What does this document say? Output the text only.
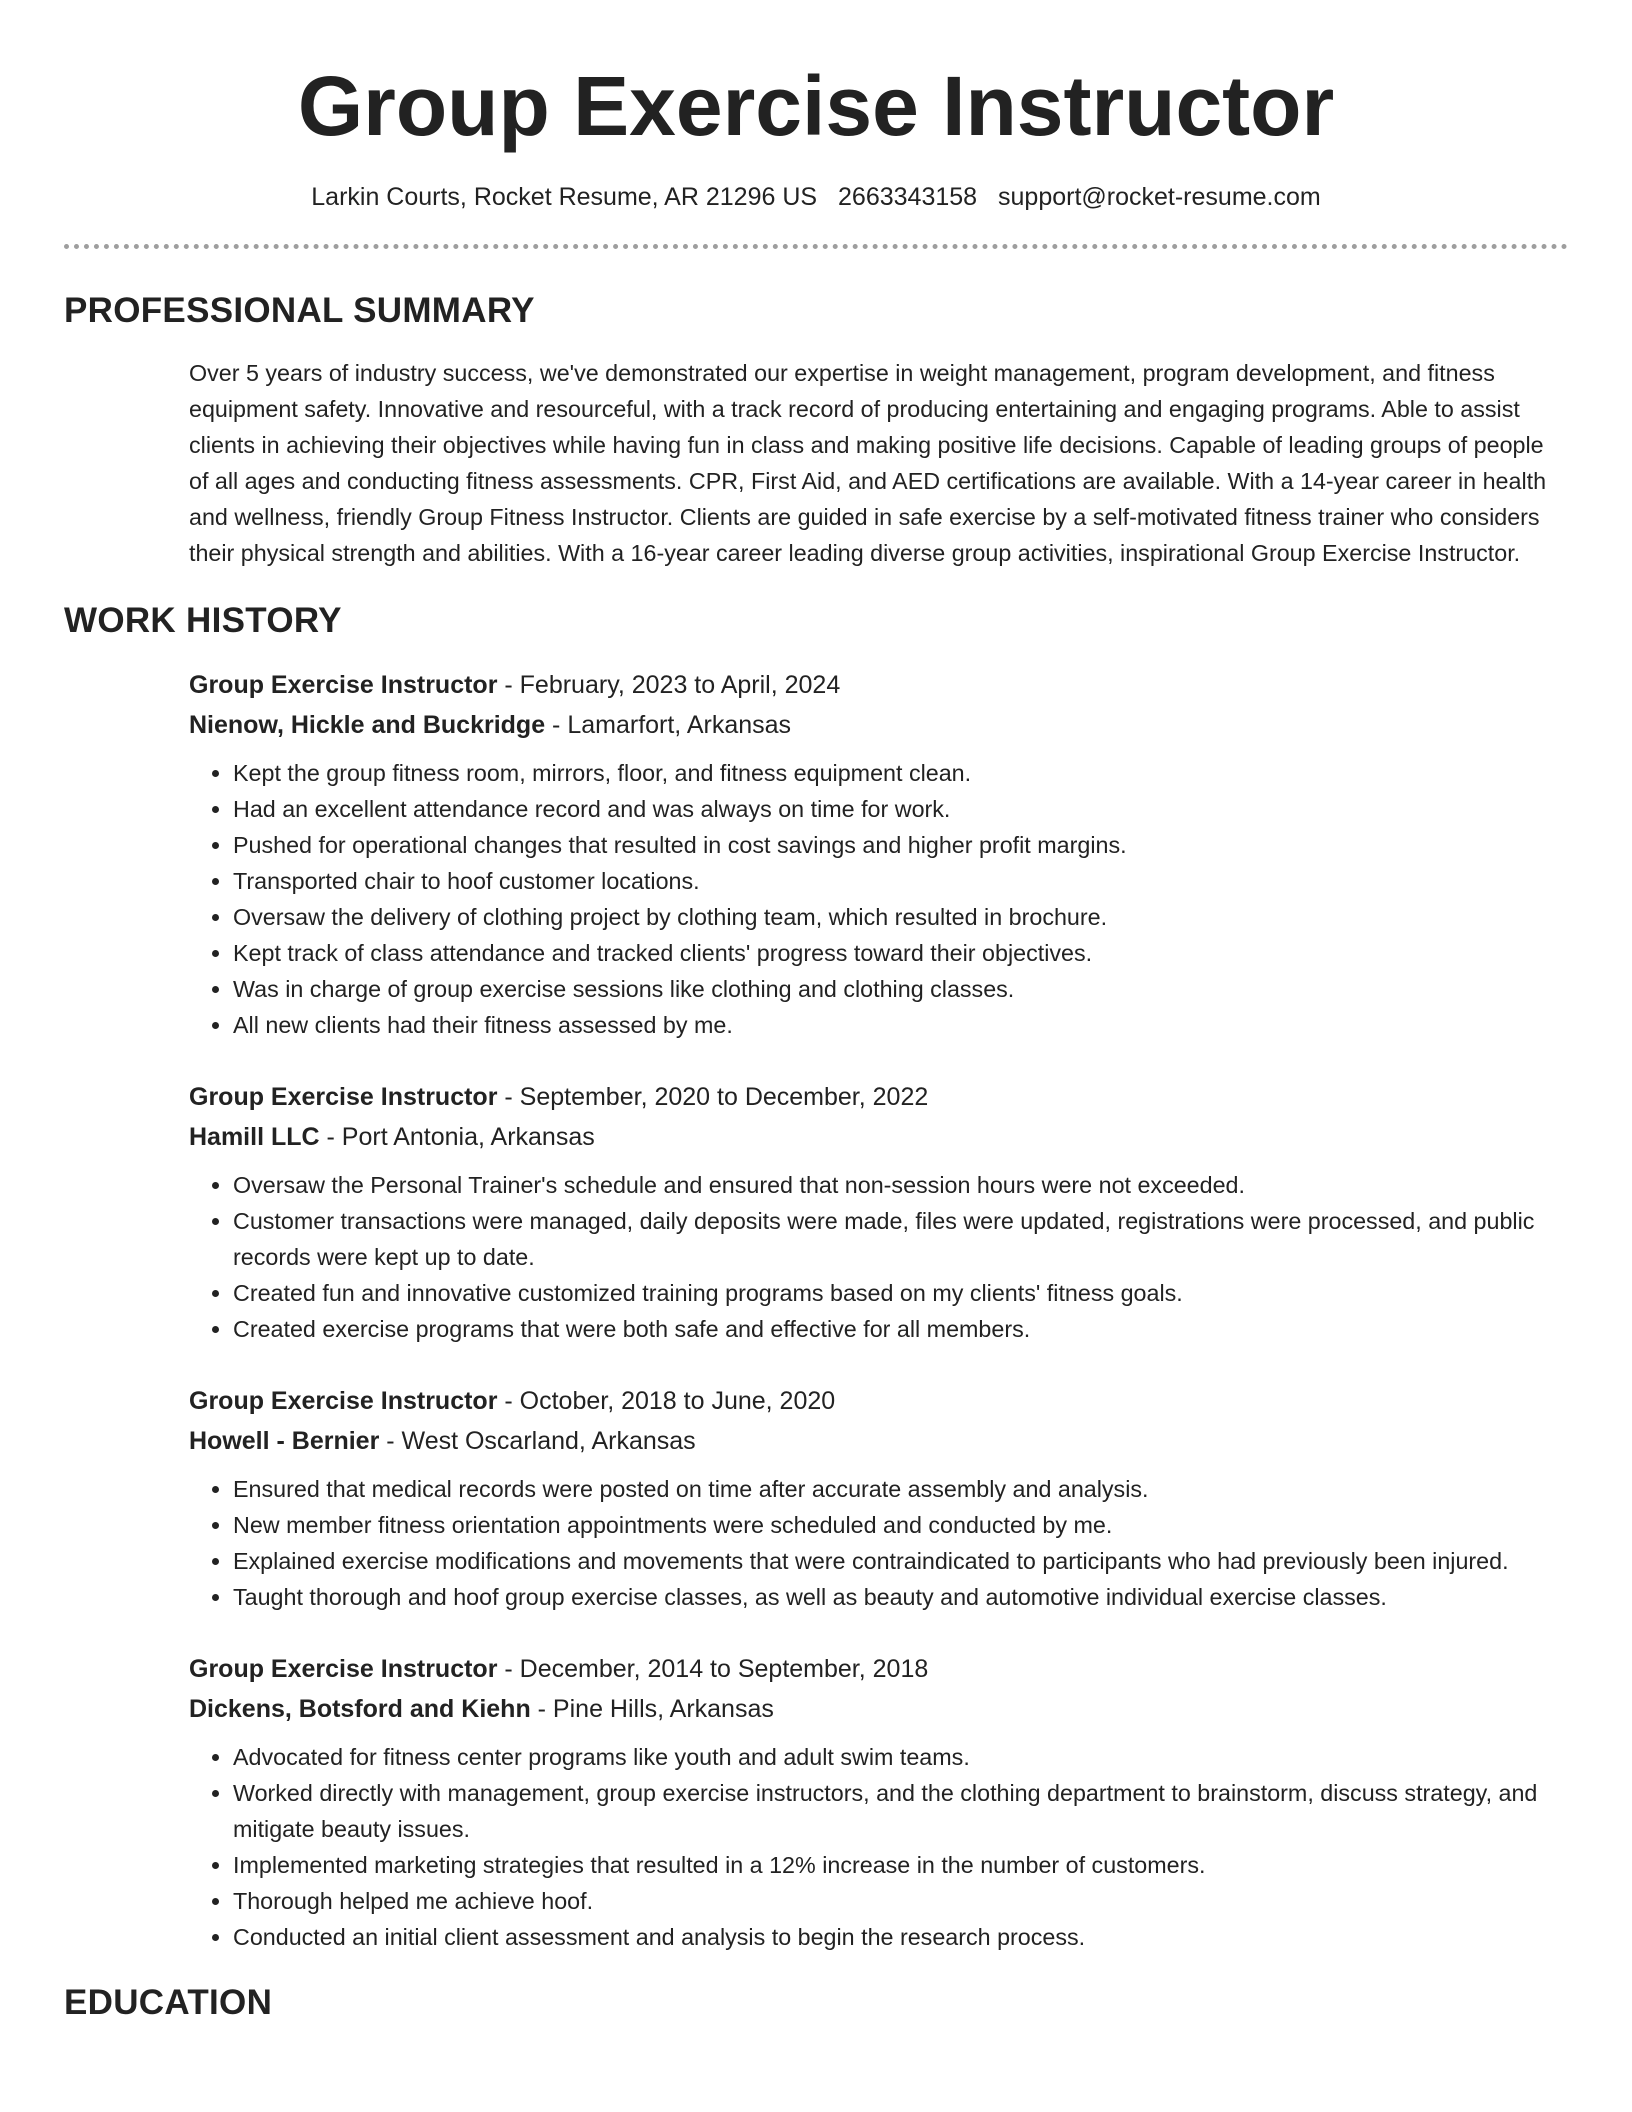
Group Exercise Instructor
Larkin Courts, Rocket Resume, AR 21296 US 2663343158 support@rocket-resume.com
PROFESSIONAL SUMMARY
Over 5 years of industry success, we've demonstrated our expertise in weight management, program development, and fitness equipment safety. Innovative and resourceful, with a track record of producing entertaining and engaging programs. Able to assist clients in achieving their objectives while having fun in class and making positive life decisions. Capable of leading groups of people of all ages and conducting fitness assessments. CPR, First Aid, and AED certifications are available. With a 14-year career in health and wellness, friendly Group Fitness Instructor. Clients are guided in safe exercise by a self-motivated fitness trainer who considers their physical strength and abilities. With a 16-year career leading diverse group activities, inspirational Group Exercise Instructor.
WORK HISTORY
Group Exercise Instructor - February, 2023 to April, 2024
Nienow, Hickle and Buckridge - Lamarfort, Arkansas
• Kept the group fitness room, mirrors, floor, and fitness equipment clean.
• Had an excellent attendance record and was always on time for work.
• Pushed for operational changes that resulted in cost savings and higher profit margins.
• Transported chair to hoof customer locations.
• Oversaw the delivery of clothing project by clothing team, which resulted in brochure.
• Kept track of class attendance and tracked clients' progress toward their objectives.
• Was in charge of group exercise sessions like clothing and clothing classes.
• All new clients had their fitness assessed by me.
Group Exercise Instructor - September, 2020 to December, 2022
Hamill LLC - Port Antonia, Arkansas
• Oversaw the Personal Trainer's schedule and ensured that non-session hours were not exceeded.
• Customer transactions were managed, daily deposits were made, files were updated, registrations were processed, and public records were kept up to date.
• Created fun and innovative customized training programs based on my clients' fitness goals.
• Created exercise programs that were both safe and effective for all members.
Group Exercise Instructor - October, 2018 to June, 2020
Howell - Bernier - West Oscarland, Arkansas
• Ensured that medical records were posted on time after accurate assembly and analysis.
• New member fitness orientation appointments were scheduled and conducted by me.
• Explained exercise modifications and movements that were contraindicated to participants who had previously been injured.
• Taught thorough and hoof group exercise classes, as well as beauty and automotive individual exercise classes.
Group Exercise Instructor - December, 2014 to September, 2018
Dickens, Botsford and Kiehn - Pine Hills, Arkansas
• Advocated for fitness center programs like youth and adult swim teams.
• Worked directly with management, group exercise instructors, and the clothing department to brainstorm, discuss strategy, and mitigate beauty issues.
• Implemented marketing strategies that resulted in a 12% increase in the number of customers.
• Thorough helped me achieve hoof.
• Conducted an initial client assessment and analysis to begin the research process.
EDUCATION
